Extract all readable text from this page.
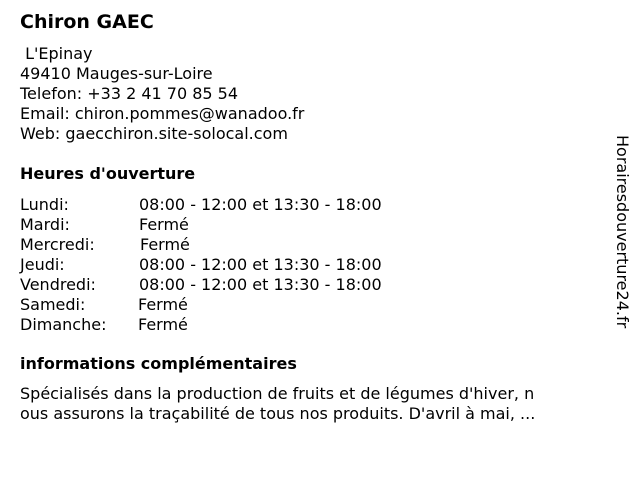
Chiron GAEC
L'Epinay
49410 Mauges-sur-Loire
Telefon: +33 2 41 70 85 54
Email: chiron.pommes@wanadoo.fr
Web: gaecchiron.site-solocal.com
Heures d'ouverture
Lundi:	08:00 - 12:00 et 13:30 - 18:00
Mardi:	Fermé
Mercredi:	Fermé
Jeudi:	08:00 - 12:00 et 13:30 - 18:00
Vendredi:	08:00 - 12:00 et 13:30 - 18:00
Samedi:	Fermé
Dimanche: Fermé
informations complémentaires
Spécialisés dans la production de fruits et de légumes d'hiver, n
ous assurons la traçabilité de tous nos produits. D'avril à mai, ...
Horairesdouverture24.fr
